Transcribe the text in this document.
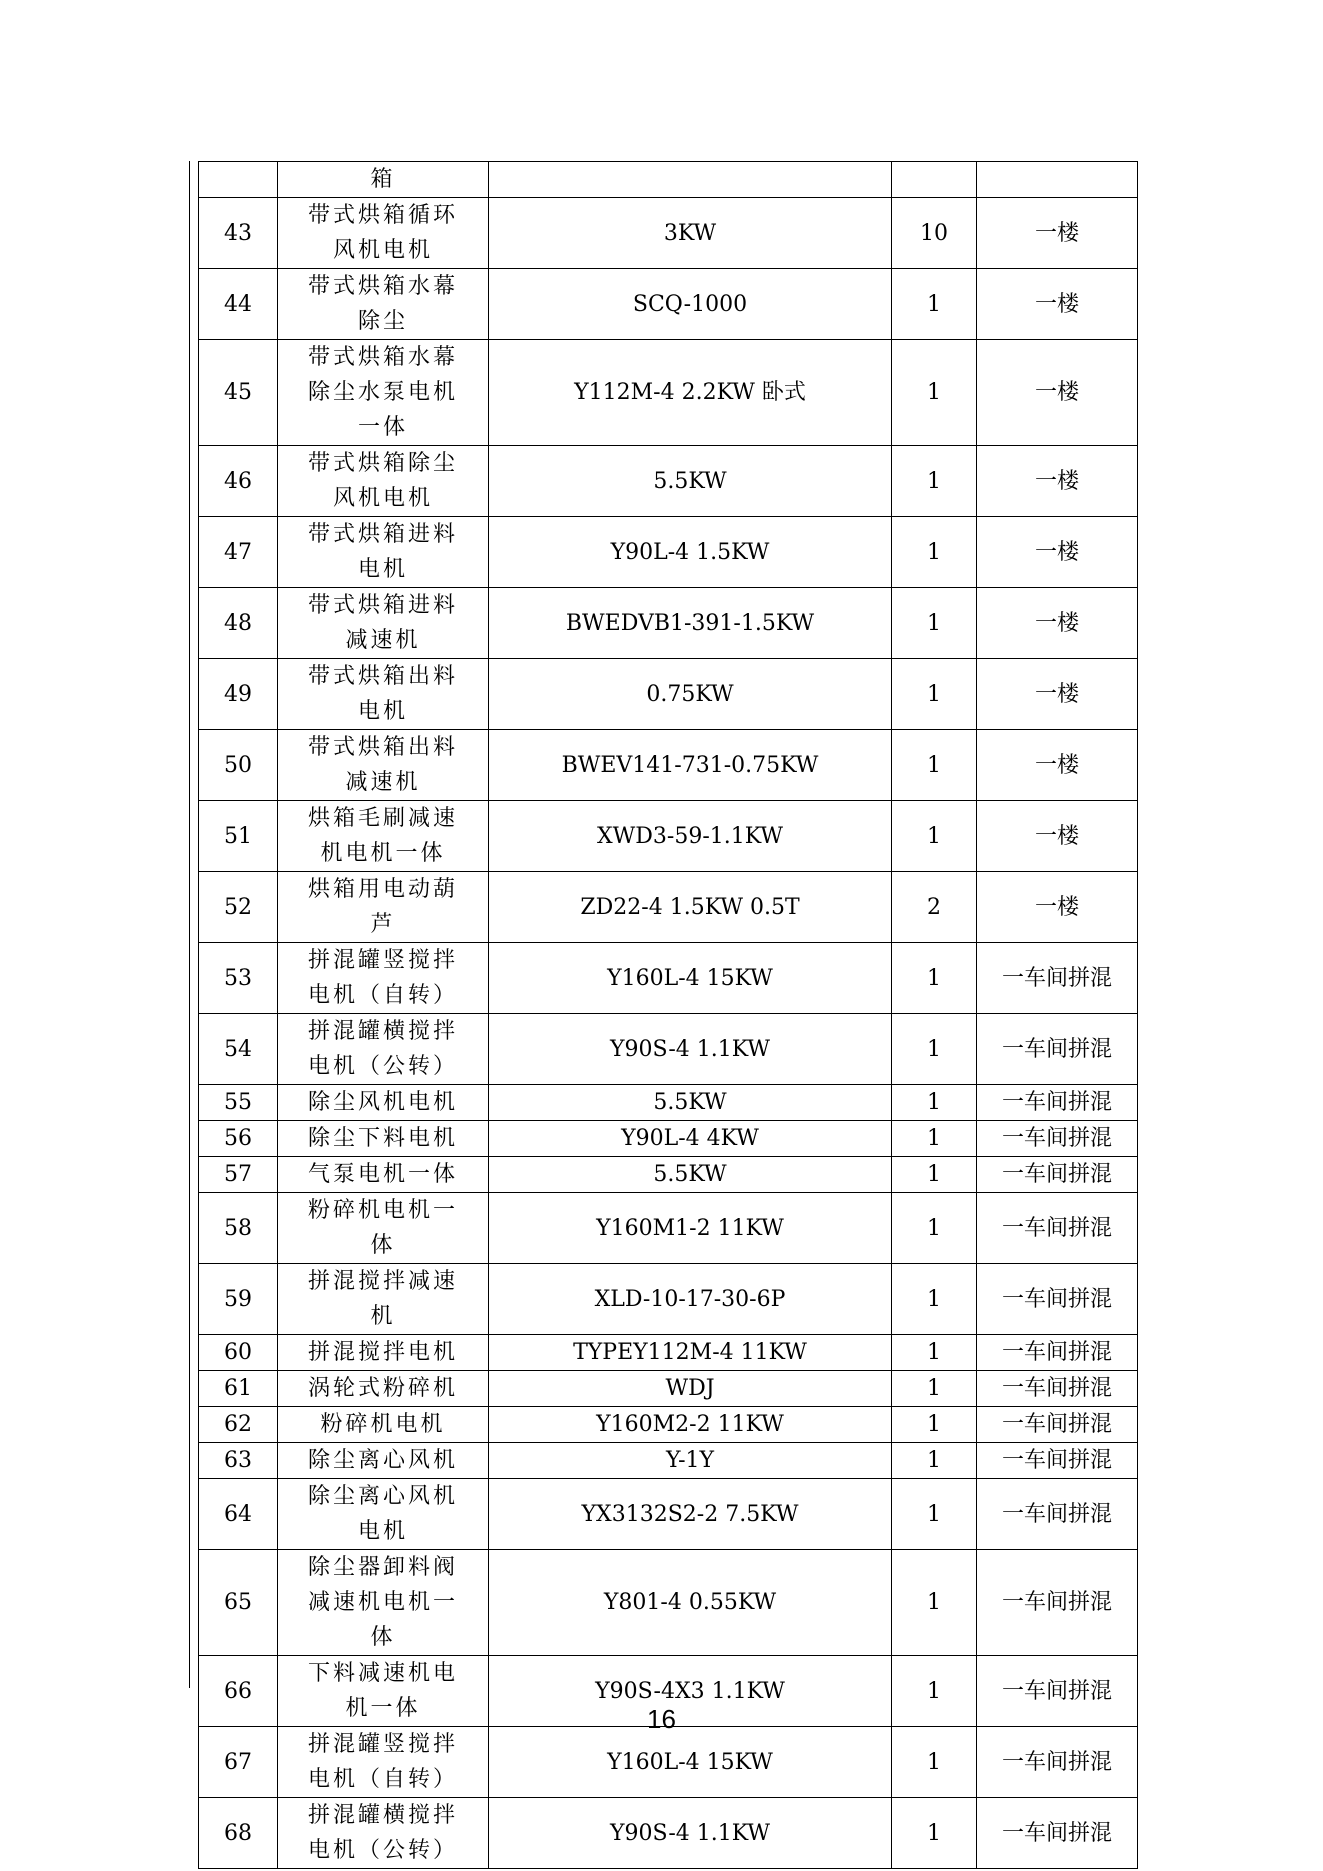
	箱			
43	带式烘箱循环风机电机	3KW	10	一楼
44	带式烘箱水幕除尘	SCQ-1000	1	一楼
45	带式烘箱水幕除尘水泵电机一体	Y112M-4 2.2KW 卧式	1	一楼
46	带式烘箱除尘风机电机	5.5KW	1	一楼
47	带式烘箱进料电机	Y90L-4 1.5KW	1	一楼
48	带式烘箱进料减速机	BWEDVB1-391-1.5KW	1	一楼
49	带式烘箱出料电机	0.75KW	1	一楼
50	带式烘箱出料减速机	BWEV141-731-0.75KW	1	一楼
51	烘箱毛刷减速机电机一体	XWD3-59-1.1KW	1	一楼
52	烘箱用电动葫芦	ZD22-4 1.5KW 0.5T	2	一楼
53	拼混罐竖搅拌电机（自转）	Y160L-4 15KW	1	一车间拼混
54	拼混罐横搅拌电机（公转）	Y90S-4 1.1KW	1	一车间拼混
55	除尘风机电机	5.5KW	1	一车间拼混
56	除尘下料电机	Y90L-4 4KW	1	一车间拼混
57	气泵电机一体	5.5KW	1	一车间拼混
58	粉碎机电机一体	Y160M1-2 11KW	1	一车间拼混
59	拼混搅拌减速机	XLD-10-17-30-6P	1	一车间拼混
60	拼混搅拌电机	TYPEY112M-4 11KW	1	一车间拼混
61	涡轮式粉碎机	WDJ	1	一车间拼混
62	粉碎机电机	Y160M2-2 11KW	1	一车间拼混
63	除尘离心风机	Y-1Y	1	一车间拼混
64	除尘离心风机电机	YX3132S2-2 7.5KW	1	一车间拼混
65	除尘器卸料阀减速机电机一体	Y801-4 0.55KW	1	一车间拼混
66	下料减速机电机一体	Y90S-4X3 1.1KW	1	一车间拼混
67	拼混罐竖搅拌电机（自转）	Y160L-4 15KW	1	一车间拼混
68	拼混罐横搅拌电机（公转）	Y90S-4 1.1KW	1	一车间拼混
16
